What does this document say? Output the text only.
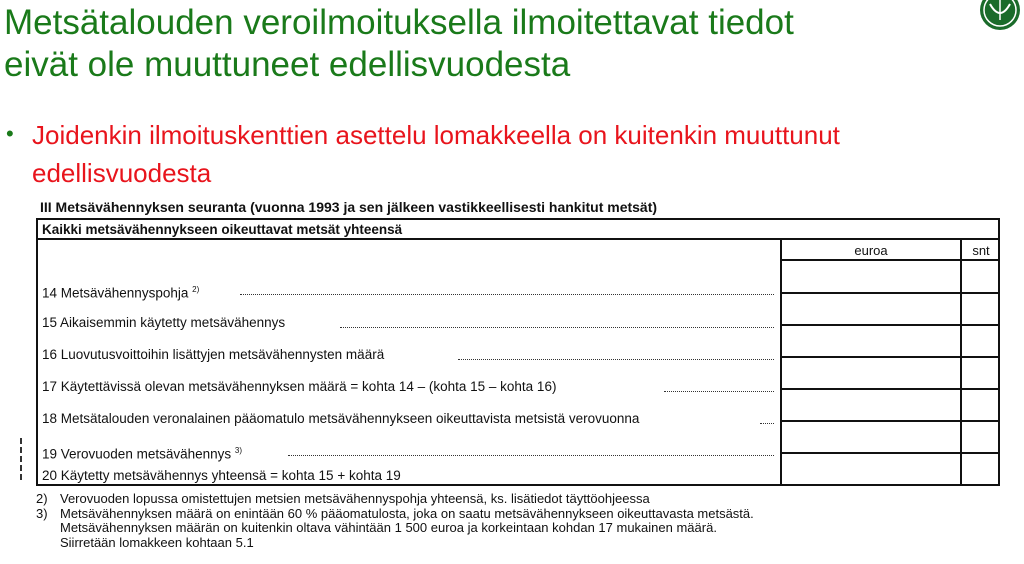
Metsätalouden veroilmoituksella ilmoitettavat tiedot
eivät ole muuttuneet edellisvuodesta
• Joidenkin ilmoituskenttien asettelu lomakkeella on kuitenkin muuttunut
edellisvuodesta
III Metsävähennyksen seuranta (vuonna 1993 ja sen jälkeen vastikkeellisesti hankitut metsät)
Kaikki metsävähennykseen oikeuttavat metsät yhteensä
euroa	snt
14 Metsävähennyspohja $^{2)}$
15 Aikaisemmin käytetty metsävähennys
16 Luovutusvoittoihin lisättyjen metsävähennysten määrä
17 Käytettävissä olevan metsävähennyksen määrä = kohta 14 – (kohta 15 – kohta 16)
18 Metsätalouden veronalainen pääomatulo metsävähennykseen oikeuttavista metsistä verovuonna
19 Verovuoden metsävähennys $^{3)}$
20 Käytetty metsävähennys yhteensä = kohta 15 + kohta 19
2) Verovuoden lopussa omistettujen metsien metsävähennyspohja yhteensä, ks. lisätiedot täyttöohjeessa
3) Metsävähennyksen määrä on enintään 60 % pääomatulosta, joka on saatu metsävähennykseen oikeuttavasta metsästä.
Metsävähennyksen määrän on kuitenkin oltava vähintään 1 500 euroa ja korkeintaan kohdan 17 mukainen määrä.
Siirretään lomakkeen kohtaan 5.1
